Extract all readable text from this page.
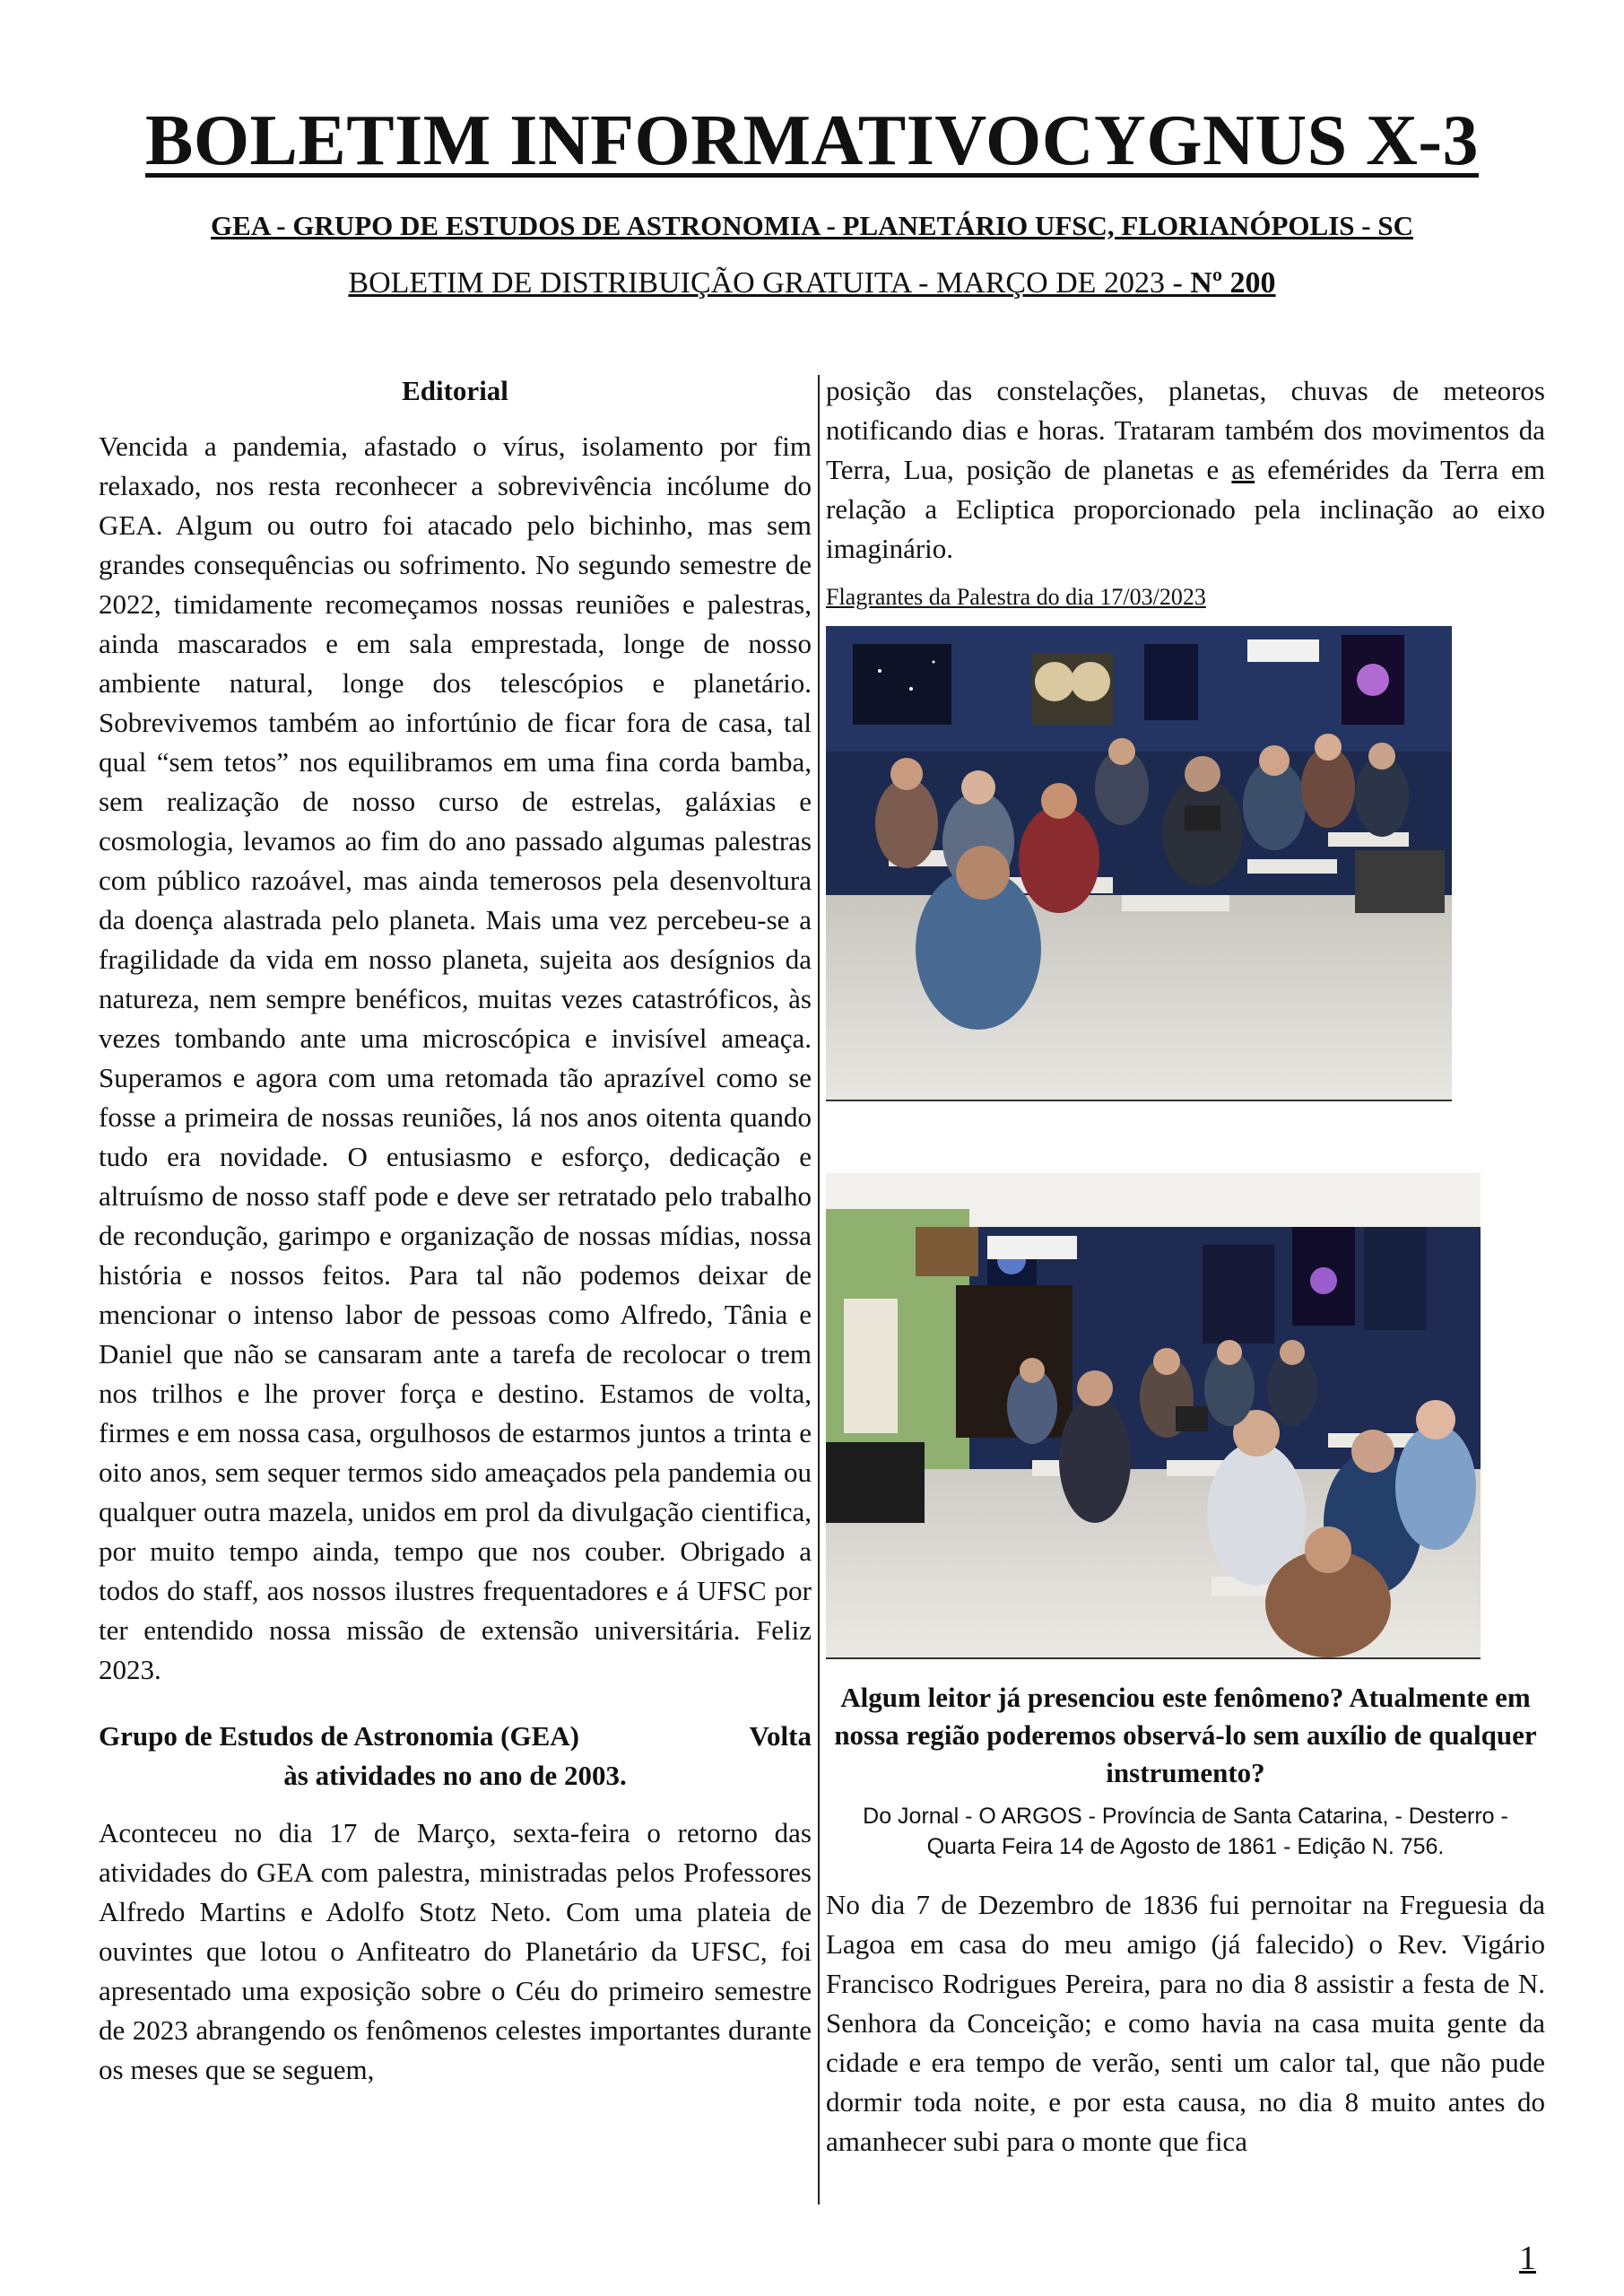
BOLETIM INFORMATIVOCYGNUS X-3
GEA - GRUPO DE ESTUDOS DE ASTRONOMIA - PLANETÁRIO UFSC, FLORIANÓPOLIS - SC
BOLETIM DE DISTRIBUIÇÃO GRATUITA - MARÇO DE 2023 - Nº 200

Editorial

Vencida a pandemia, afastado o vírus, isolamento por fim relaxado, nos resta reconhecer a sobrevivência incólume do GEA. Algum ou outro foi atacado pelo bichinho, mas sem grandes consequências ou sofrimento. No segundo semestre de 2022, timidamente recomeçamos nossas reuniões e palestras, ainda mascarados e em sala emprestada, longe de nosso ambiente natural, longe dos telescópios e planetário. Sobrevivemos também ao infortúnio de ficar fora de casa, tal qual “sem tetos” nos equilibramos em uma fina corda bamba, sem realização de nosso curso de estrelas, galáxias e cosmologia, levamos ao fim do ano passado algumas palestras com público razoável, mas ainda temerosos pela desenvoltura da doença alastrada pelo planeta. Mais uma vez percebeu-se a fragilidade da vida em nosso planeta, sujeita aos desígnios da natureza, nem sempre benéficos, muitas vezes catastróficos, às vezes tombando ante uma microscópica e invisível ameaça. Superamos e agora com uma retomada tão aprazível como se fosse a primeira de nossas reuniões, lá nos anos oitenta quando tudo era novidade. O entusiasmo e esforço, dedicação e altruísmo de nosso staff pode e deve ser retratado pelo trabalho de recondução, garimpo e organização de nossas mídias, nossa história e nossos feitos. Para tal não podemos deixar de mencionar o intenso labor de pessoas como Alfredo, Tânia e Daniel que não se cansaram ante a tarefa de recolocar o trem nos trilhos e lhe prover força e destino. Estamos de volta, firmes e em nossa casa, orgulhosos de estarmos juntos a trinta e oito anos, sem sequer termos sido ameaçados pela pandemia ou qualquer outra mazela, unidos em prol da divulgação cientifica, por muito tempo ainda, tempo que nos couber. Obrigado a todos do staff, aos nossos ilustres frequentadores e á UFSC por ter entendido nossa missão de extensão universitária. Feliz 2023.

Grupo de Estudos de Astronomia (GEA)	Volta
às atividades no ano de 2003.

Aconteceu no dia 17 de Março, sexta-feira o retorno das atividades do GEA com palestra, ministradas pelos Professores Alfredo Martins e Adolfo Stotz Neto. Com uma plateia de ouvintes que lotou o Anfiteatro do Planetário da UFSC, foi apresentado uma exposição sobre o Céu do primeiro semestre de 2023 abrangendo os fenômenos celestes importantes durante os meses que se seguem,

posição das constelações, planetas, chuvas de meteoros notificando dias e horas. Trataram também dos movimentos da Terra, Lua, posição de planetas e as efemérides da Terra em relação a Ecliptica proporcionado pela inclinação ao eixo imaginário.

Flagrantes da Palestra do dia 17/03/2023

Algum leitor já presenciou este fenômeno? Atualmente em nossa região poderemos observá-lo sem auxílio de qualquer instrumento?

Do Jornal - O ARGOS - Província de Santa Catarina, - Desterro -
Quarta Feira 14 de Agosto de 1861 - Edição N. 756.

No dia 7 de Dezembro de 1836 fui pernoitar na Freguesia da Lagoa em casa do meu amigo (já falecido) o Rev. Vigário Francisco Rodrigues Pereira, para no dia 8 assistir a festa de N. Senhora da Conceição; e como havia na casa muita gente da cidade e era tempo de verão, senti um calor tal, que não pude dormir toda noite, e por esta causa, no dia 8 muito antes do amanhecer subi para o monte que fica

1
